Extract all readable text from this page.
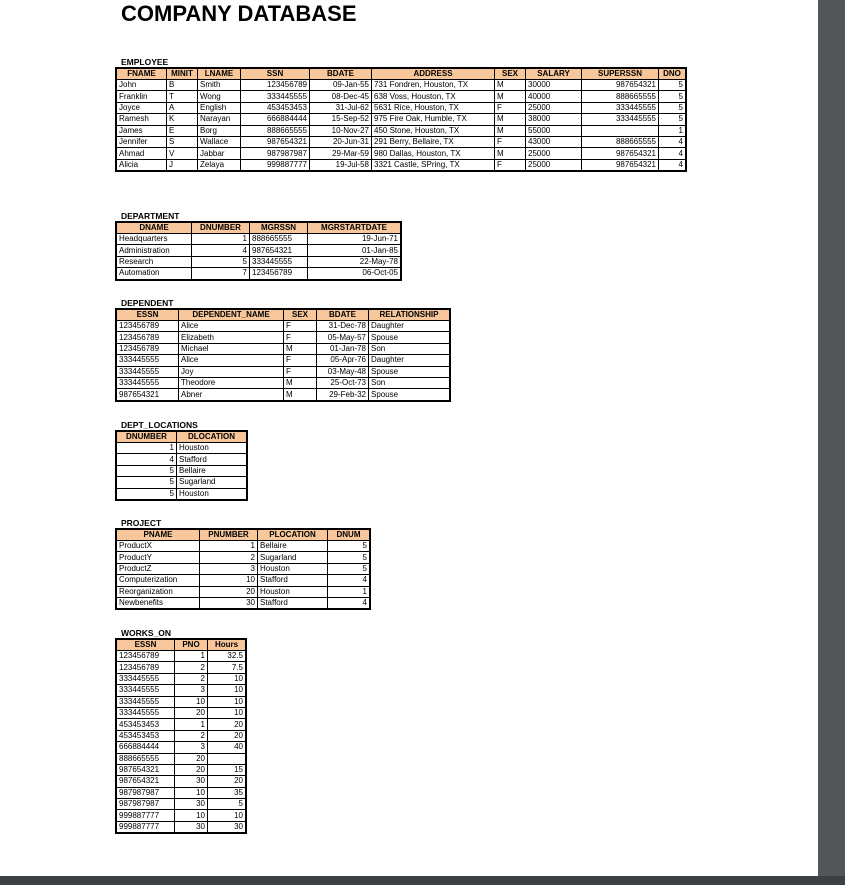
COMPANY DATABASE
EMPLOYEE
FNAME	MINIT	LNAME	SSN	BDATE	ADDRESS	SEX	SALARY	SUPERSSN	DNO
John	B	Smith	123456789	09-Jan-55	731 Fondren, Houston, TX	M	30000	987654321	5
Franklin	T	Wong	333445555	08-Dec-45	638 Voss, Houston, TX	M	40000	888665555	5
Joyce	A	English	453453453	31-Jul-62	5631 Rice, Houston, TX	F	25000	333445555	5
Ramesh	K	Narayan	666884444	15-Sep-52	975 Fire Oak, Humble, TX	M	38000	333445555	5
James	E	Borg	888665555	10-Nov-27	450 Stone, Houston, TX	M	55000		1
Jennifer	S	Wallace	987654321	20-Jun-31	291 Berry, Bellaire, TX	F	43000	888665555	4
Ahmad	V	Jabbar	987987987	29-Mar-59	980 Dallas, Houston, TX	M	25000	987654321	4
Alicia	J	Zelaya	999887777	19-Jul-58	3321 Castle, SPring, TX	F	25000	987654321	4
DEPARTMENT
DNAME	DNUMBER	MGRSSN	MGRSTARTDATE
Headquarters	1	888665555	19-Jun-71
Administration	4	987654321	01-Jan-85
Research	5	333445555	22-May-78
Automation	7	123456789	06-Oct-05
DEPENDENT
ESSN	DEPENDENT_NAME	SEX	BDATE	RELATIONSHIP
123456789	Alice	F	31-Dec-78	Daughter
123456789	Elizabeth	F	05-May-57	Spouse
123456789	Michael	M	01-Jan-78	Son
333445555	Alice	F	05-Apr-76	Daughter
333445555	Joy	F	03-May-48	Spouse
333445555	Theodore	M	25-Oct-73	Son
987654321	Abner	M	29-Feb-32	Spouse
DEPT_LOCATIONS
DNUMBER	DLOCATION
1	Houston
4	Stafford
5	Bellaire
5	Sugarland
5	Houston
PROJECT
PNAME	PNUMBER	PLOCATION	DNUM
ProductX	1	Bellaire	5
ProductY	2	Sugarland	5
ProductZ	3	Houston	5
Computerization	10	Stafford	4
Reorganization	20	Houston	1
Newbenefits	30	Stafford	4
WORKS_ON
ESSN	PNO	Hours
123456789	1	32.5
123456789	2	7.5
333445555	2	10
333445555	3	10
333445555	10	10
333445555	20	10
453453453	1	20
453453453	2	20
666884444	3	40
888665555	20	
987654321	20	15
987654321	30	20
987987987	10	35
987987987	30	5
999887777	10	10
999887777	30	30
